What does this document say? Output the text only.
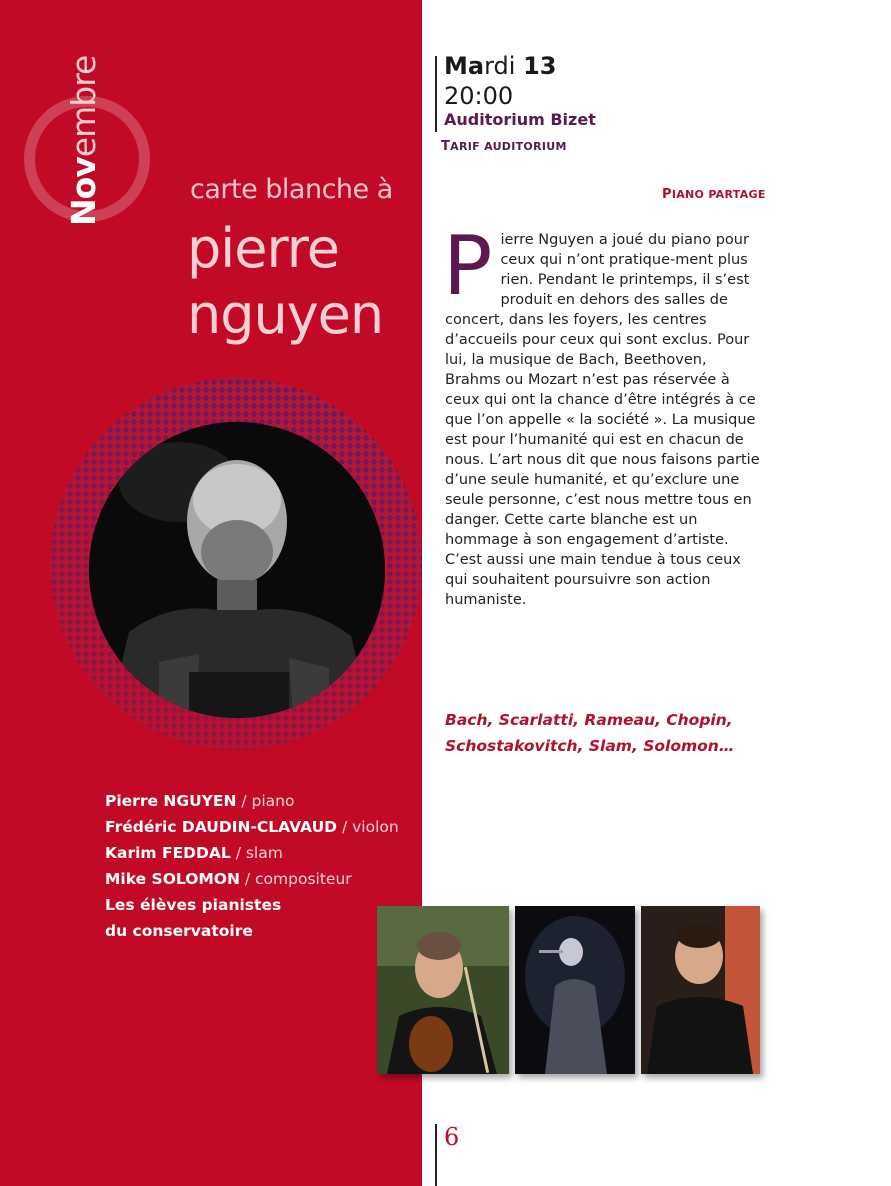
Novembre
carte blanche à
pierre
nguyen
Pierre NGUYEN / piano
Frédéric DAUDIN-CLAVAUD / violon
Karim FEDDAL / slam
Mike SOLOMON / compositeur
Les élèves pianistes
du conservatoire
Mardi 13
20:00
Auditorium Bizet
TARIF AUDITORIUM
PIANO PARTAGE
Pierre Nguyen a joué du piano pour ceux qui n’ont pratique-ment plus rien. Pendant le printemps, il s’est produit en dehors des salles de concert, dans les foyers, les centres d’accueils pour ceux qui sont exclus. Pour lui, la musique de Bach, Beethoven, Brahms ou Mozart n’est pas réservée à ceux qui ont la chance d’être intégrés à ce que l’on appelle « la société ». La musique est pour l’humanité qui est en chacun de nous. L’art nous dit que nous faisons partie d’une seule humanité, et qu’exclure une seule personne, c’est nous mettre tous en danger. Cette carte blanche est un hommage à son engagement d’artiste. C’est aussi une main tendue à tous ceux qui souhaitent poursuivre son action humaniste.
Bach, Scarlatti, Rameau, Chopin,
Schostakovitch, Slam, Solomon…
6
